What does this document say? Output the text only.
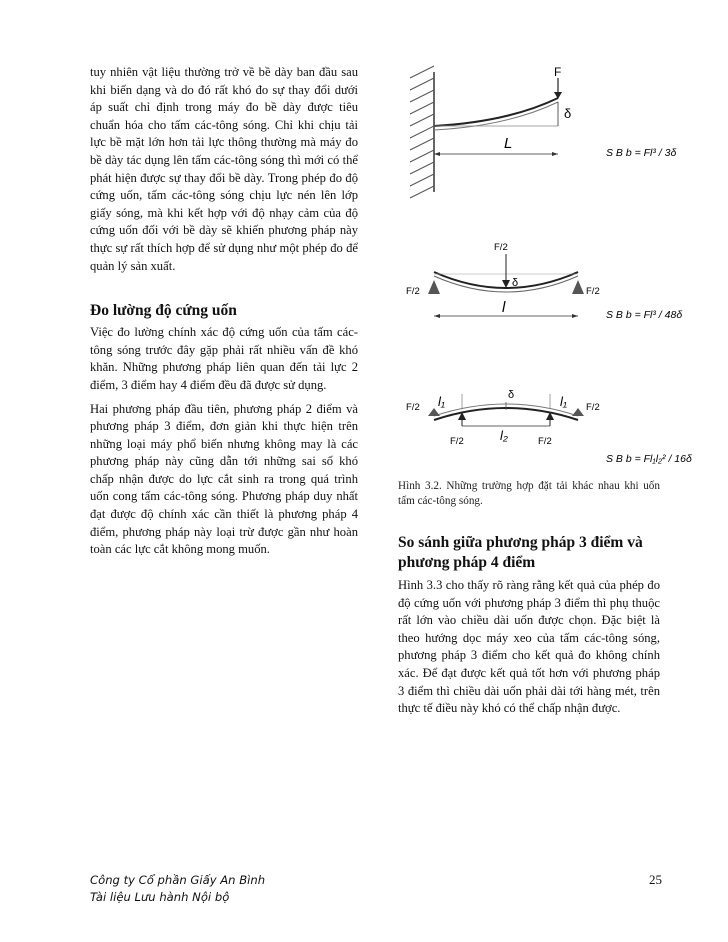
tuy nhiên vật liệu thường trở về bề dày ban đầu sau khi biến dạng và do đó rất khó đo sự thay đổi dưới áp suất chỉ định trong máy đo bề dày được tiêu chuẩn hóa cho tấm các-tông sóng. Chỉ khi chịu tải lực bề mặt lớn hơn tải lực thông thường mà máy đo bề dày tác dụng lên tấm các-tông sóng thì mới có thể phát hiện được sự thay đổi bề dày. Trong phép đo độ cứng uốn, tấm các-tông sóng chịu lực nén lên lớp giấy sóng, mà khi kết hợp với độ nhạy cảm của độ cứng uốn đối với bề dày sẽ khiến phương pháp này thực sự rất thích hợp để sử dụng như một phép đo để quản lý sản xuất.

Đo lường độ cứng uốn

Việc đo lường chính xác độ cứng uốn của tấm các-tông sóng trước đây gặp phải rất nhiều vấn đề khó khăn. Những phương pháp liên quan đến tải lực 2 điểm, 3 điểm hay 4 điểm đều đã được sử dụng.

Hai phương pháp đầu tiên, phương pháp 2 điểm và phương pháp 3 điểm, đơn giản khi thực hiện trên những loại máy phổ biến nhưng không may là các phương pháp này cũng dẫn tới những sai số khó chấp nhận được do lực cắt sinh ra trong quá trình uốn cong tấm các-tông sóng. Phương pháp duy nhất đạt được độ chính xác cần thiết là phương pháp 4 điểm, phương pháp này loại trừ được gần như hoàn toàn các lực cắt không mong muốn.

F
δ
L
S B b = Fl³ / 3δ
F/2
F/2	F/2
δ
l	S B b = Fl³ / 48δ
F/2	F/2
F/2	F/2
l₁	l₁
l₂
δ
S B b = Fl₁l₂² / 16δ

Hình 3.2. Những trường hợp đặt tải khác nhau khi uốn tấm các-tông sóng.

So sánh giữa phương pháp 3 điểm và phương pháp 4 điểm

Hình 3.3 cho thấy rõ ràng rằng kết quả của phép đo độ cứng uốn với phương pháp 3 điểm thì phụ thuộc rất lớn vào chiều dài uốn được chọn. Đặc biệt là theo hướng dọc máy xeo của tấm các-tông sóng, phương pháp 3 điểm cho kết quả đo không chính xác. Để đạt được kết quả tốt hơn với phương pháp 3 điểm thì chiều dài uốn phải dài tới hàng mét, trên thực tế điều này khó có thể chấp nhận được.

Công ty Cổ phần Giấy An Bình
Tài liệu Lưu hành Nội bộ
25
